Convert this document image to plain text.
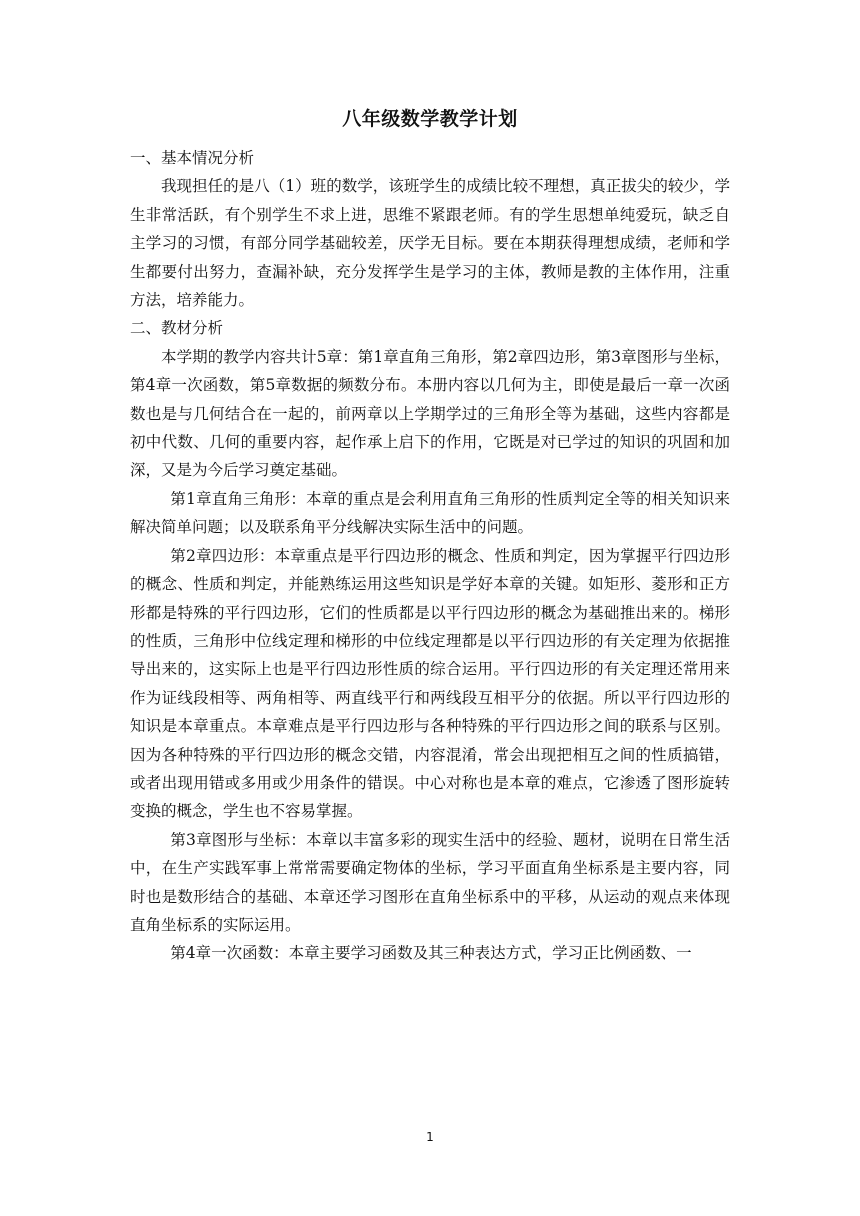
八年级数学教学计划

一、基本情况分析

我现担任的是八（1）班的数学，该班学生的成绩比较不理想，真正拔尖的较少，学生非常活跃，有个别学生不求上进，思维不紧跟老师。有的学生思想单纯爱玩，缺乏自主学习的习惯，有部分同学基础较差，厌学无目标。要在本期获得理想成绩，老师和学生都要付出努力，查漏补缺，充分发挥学生是学习的主体，教师是教的主体作用，注重方法，培养能力。

二、教材分析

本学期的教学内容共计5章：第1章直角三角形，第2章四边形，第3章图形与坐标，第4章一次函数，第5章数据的频数分布。本册内容以几何为主，即使是最后一章一次函数也是与几何结合在一起的，前两章以上学期学过的三角形全等为基础，这些内容都是初中代数、几何的重要内容，起作承上启下的作用，它既是对已学过的知识的巩固和加深，又是为今后学习奠定基础。

第1章直角三角形：本章的重点是会利用直角三角形的性质判定全等的相关知识来解决简单问题；以及联系角平分线解决实际生活中的问题。

第2章四边形：本章重点是平行四边形的概念、性质和判定，因为掌握平行四边形的概念、性质和判定，并能熟练运用这些知识是学好本章的关键。如矩形、菱形和正方形都是特殊的平行四边形，它们的性质都是以平行四边形的概念为基础推出来的。梯形的性质，三角形中位线定理和梯形的中位线定理都是以平行四边形的有关定理为依据推导出来的，这实际上也是平行四边形性质的综合运用。平行四边形的有关定理还常用来作为证线段相等、两角相等、两直线平行和两线段互相平分的依据。所以平行四边形的知识是本章重点。本章难点是平行四边形与各种特殊的平行四边形之间的联系与区别。因为各种特殊的平行四边形的概念交错，内容混淆，常会出现把相互之间的性质搞错，或者出现用错或多用或少用条件的错误。中心对称也是本章的难点，它渗透了图形旋转变换的概念，学生也不容易掌握。

第3章图形与坐标：本章以丰富多彩的现实生活中的经验、题材，说明在日常生活中，在生产实践军事上常常需要确定物体的坐标，学习平面直角坐标系是主要内容，同时也是数形结合的基础、本章还学习图形在直角坐标系中的平移，从运动的观点来体现直角坐标系的实际运用。

第4章一次函数：本章主要学习函数及其三种表达方式，学习正比例函数、一

1
